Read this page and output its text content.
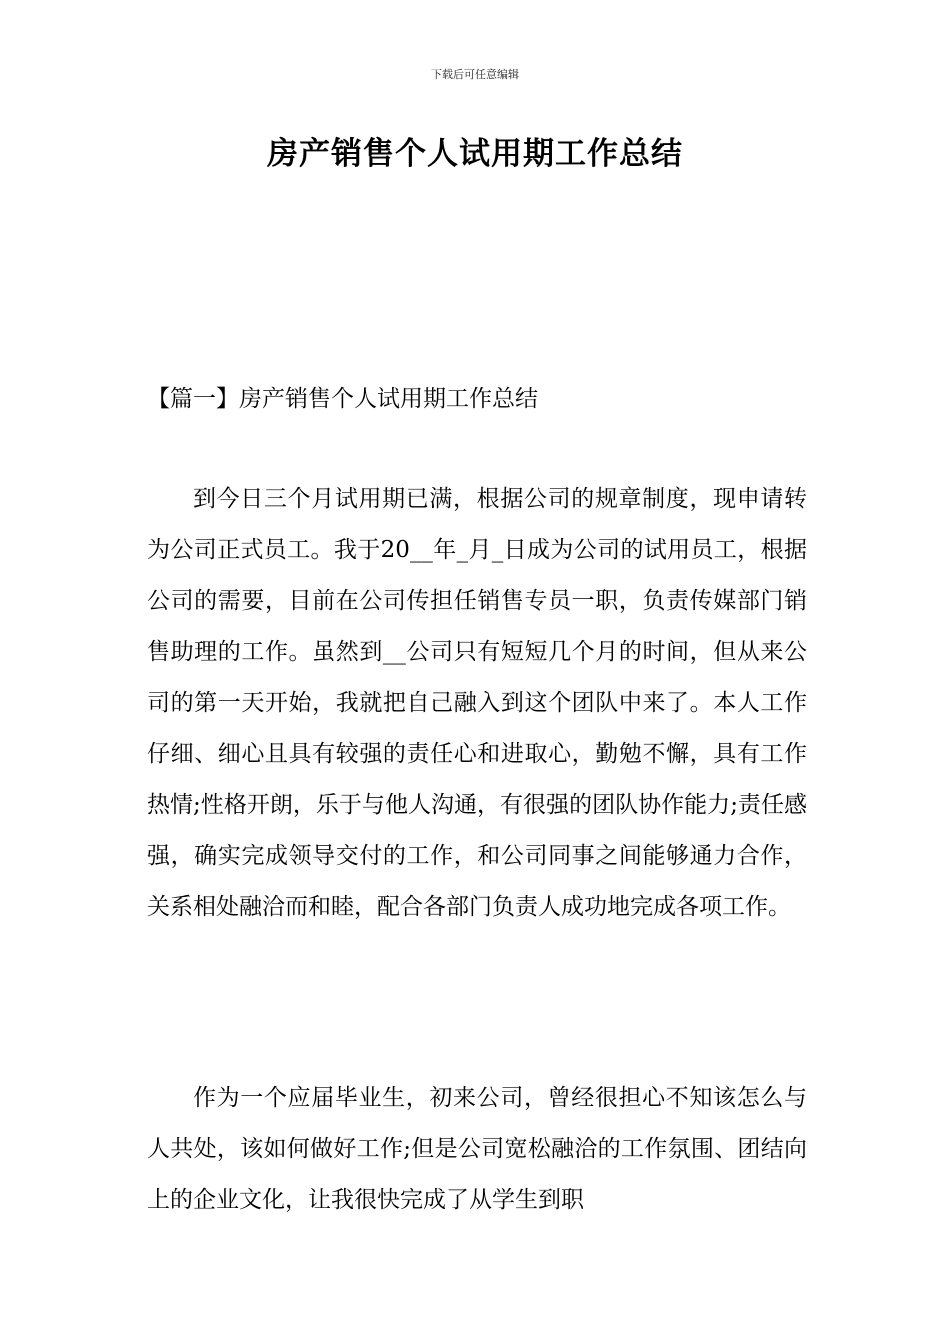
下载后可任意编辑
房产销售个人试用期工作总结
【篇一】房产销售个人试用期工作总结

到今日三个月试用期已满，根据公司的规章制度，现申请转为公司正式员工。我于20__年_月_日成为公司的试用员工，根据公司的需要，目前在公司传担任销售专员一职，负责传媒部门销售助理的工作。虽然到__公司只有短短几个月的时间，但从来公司的第一天开始，我就把自己融入到这个团队中来了。本人工作仔细、细心且具有较强的责任心和进取心，勤勉不懈，具有工作热情;性格开朗，乐于与他人沟通，有很强的团队协作能力;责任感强，确实完成领导交付的工作，和公司同事之间能够通力合作，关系相处融洽而和睦，配合各部门负责人成功地完成各项工作。

作为一个应届毕业生，初来公司，曾经很担心不知该怎么与人共处，该如何做好工作;但是公司宽松融洽的工作氛围、团结向上的企业文化，让我很快完成了从学生到职
